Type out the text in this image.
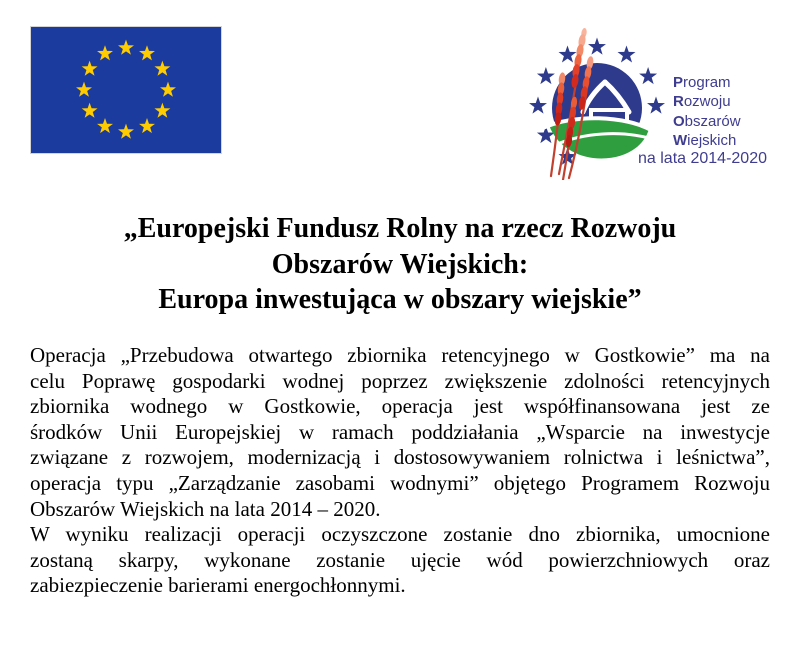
Program
Rozwoju
Obszarów
Wiejskich
na lata 2014-2020
„Europejski Fundusz Rolny na rzecz Rozwoju
Obszarów Wiejskich:
Europa inwestująca w obszary wiejskie”
Operacja „Przebudowa otwartego zbiornika retencyjnego w Gostkowie” ma na
celu Poprawę gospodarki wodnej poprzez zwiększenie zdolności retencyjnych
zbiornika wodnego w Gostkowie, operacja jest współfinansowana jest ze
środków Unii Europejskiej w ramach poddziałania „Wsparcie na inwestycje
związane z rozwojem, modernizacją i dostosowywaniem rolnictwa i leśnictwa”,
operacja typu „Zarządzanie zasobami wodnymi” objętego Programem Rozwoju
Obszarów Wiejskich na lata 2014 – 2020.
W wyniku realizacji operacji oczyszczone zostanie dno zbiornika, umocnione
zostaną skarpy, wykonane zostanie ujęcie wód powierzchniowych oraz
zabiezpieczenie barierami energochłonnymi.
